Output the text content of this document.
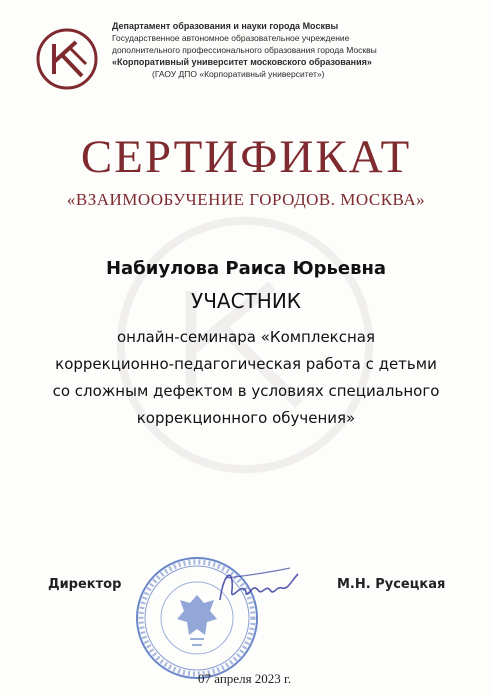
Департамент образования и науки города Москвы
Государственное автономное образовательное учреждение
дополнительного профессионального образования города Москвы
«Корпоративный университет московского образования»
(ГАОУ ДПО «Корпоративный университет»)
СЕРТИФИКАТ
«ВЗАИМООБУЧЕНИЕ ГОРОДОВ. МОСКВА»
Набиулова Раиса Юрьевна
УЧАСТНИК
онлайн-семинара «Комплексная
коррекционно-педагогическая работа с детьми
со сложным дефектом в условиях специального
коррекционного обучения»
Директор	М.Н. Русецкая
07 апреля 2023 г.
